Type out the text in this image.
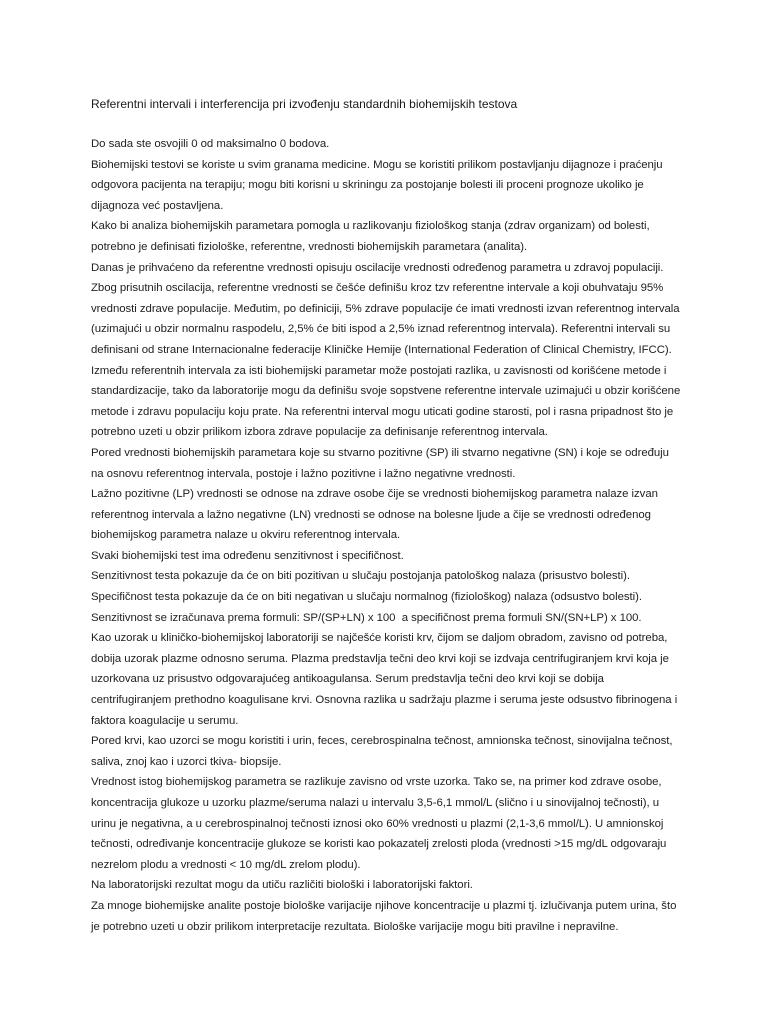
Referentni intervali i interferencija pri izvođenju standardnih biohemijskih testova

Do sada ste osvojili 0 od maksimalno 0 bodova.

Biohemijski testovi se koriste u svim granama medicine. Mogu se koristiti prilikom postavljanju dijagnoze i praćenju odgovora pacijenta na terapiju; mogu biti korisni u skriningu za postojanje bolesti ili proceni prognoze ukoliko je dijagnoza već postavljena.

Kako bi analiza biohemijskih parametara pomogla u razlikovanju fiziološkog stanja (zdrav organizam) od bolesti, potrebno je definisati fiziološke, referentne, vrednosti biohemijskih parametara (analita).

Danas je prihvaćeno da referentne vrednosti opisuju oscilacije vrednosti određenog parametra u zdravoj populaciji. Zbog prisutnih oscilacija, referentne vrednosti se češće definišu kroz tzv referentne intervale a koji obuhvataju 95% vrednosti zdrave populacije. Međutim, po definiciji, 5% zdrave populacije će imati vrednosti izvan referentnog intervala (uzimajući u obzir normalnu raspodelu, 2,5% će biti ispod a 2,5% iznad referentnog intervala). Referentni intervali su definisani od strane Internacionalne federacije Kliničke Hemije (International Federation of Clinical Chemistry, IFCC). Između referentnih intervala za isti biohemijski parametar može postojati razlika, u zavisnosti od korišćene metode i standardizacije, tako da laboratorije mogu da definišu svoje sopstvene referentne intervale uzimajući u obzir korišćene metode i zdravu populaciju koju prate. Na referentni interval mogu uticati godine starosti, pol i rasna pripadnost što je potrebno uzeti u obzir prilikom izbora zdrave populacije za definisanje referentnog intervala.

Pored vrednosti biohemijskih parametara koje su stvarno pozitivne (SP) ili stvarno negativne (SN) i koje se određuju na osnovu referentnog intervala, postoje i lažno pozitivne i lažno negativne vrednosti.

Lažno pozitivne (LP) vrednosti se odnose na zdrave osobe čije se vrednosti biohemijskog parametra nalaze izvan referentnog intervala a lažno negativne (LN) vrednosti se odnose na bolesne ljude a čije se vrednosti određenog biohemijskog parametra nalaze u okviru referentnog intervala.

Svaki biohemijski test ima određenu senzitivnost i specifičnost.

Senzitivnost testa pokazuje da će on biti pozitivan u slučaju postojanja patološkog nalaza (prisustvo bolesti).

Specifičnost testa pokazuje da će on biti negativan u slučaju normalnog (fiziološkog) nalaza (odsustvo bolesti).

Senzitivnost se izračunava prema formuli: SP/(SP+LN) x 100  a specifičnost prema formuli SN/(SN+LP) x 100.

Kao uzorak u kliničko-biohemijskoj laboratoriji se najčešće koristi krv, čijom se daljom obradom, zavisno od potreba, dobija uzorak plazme odnosno seruma. Plazma predstavlja tečni deo krvi koji se izdvaja centrifugiranjem krvi koja je uzorkovana uz prisustvo odgovarajućeg antikoagulansa. Serum predstavlja tečni deo krvi koji se dobija centrifugiranjem prethodno koagulisane krvi. Osnovna razlika u sadržaju plazme i seruma jeste odsustvo fibrinogena i faktora koagulacije u serumu.

Pored krvi, kao uzorci se mogu koristiti i urin, feces, cerebrospinalna tečnost, amnionska tečnost, sinovijalna tečnost, saliva, znoj kao i uzorci tkiva- biopsije.

Vrednost istog biohemijskog parametra se razlikuje zavisno od vrste uzorka. Tako se, na primer kod zdrave osobe, koncentracija glukoze u uzorku plazme/seruma nalazi u intervalu 3,5-6,1 mmol/L (slično i u sinovijalnoj tečnosti), u urinu je negativna, a u cerebrospinalnoj tečnosti iznosi oko 60% vrednosti u plazmi (2,1-3,6 mmol/L). U amnionskoj tečnosti, određivanje koncentracije glukoze se koristi kao pokazatelj zrelosti ploda (vrednosti >15 mg/dL odgovaraju nezrelom plodu a vrednosti < 10 mg/dL zrelom plodu).

Na laboratorijski rezultat mogu da utiču različiti biološki i laboratorijski faktori.

Za mnoge biohemijske analite postoje biološke varijacije njihove koncentracije u plazmi tj. izlučivanja putem urina, što je potrebno uzeti u obzir prilikom interpretacije rezultata. Biološke varijacije mogu biti pravilne i nepravilne.
